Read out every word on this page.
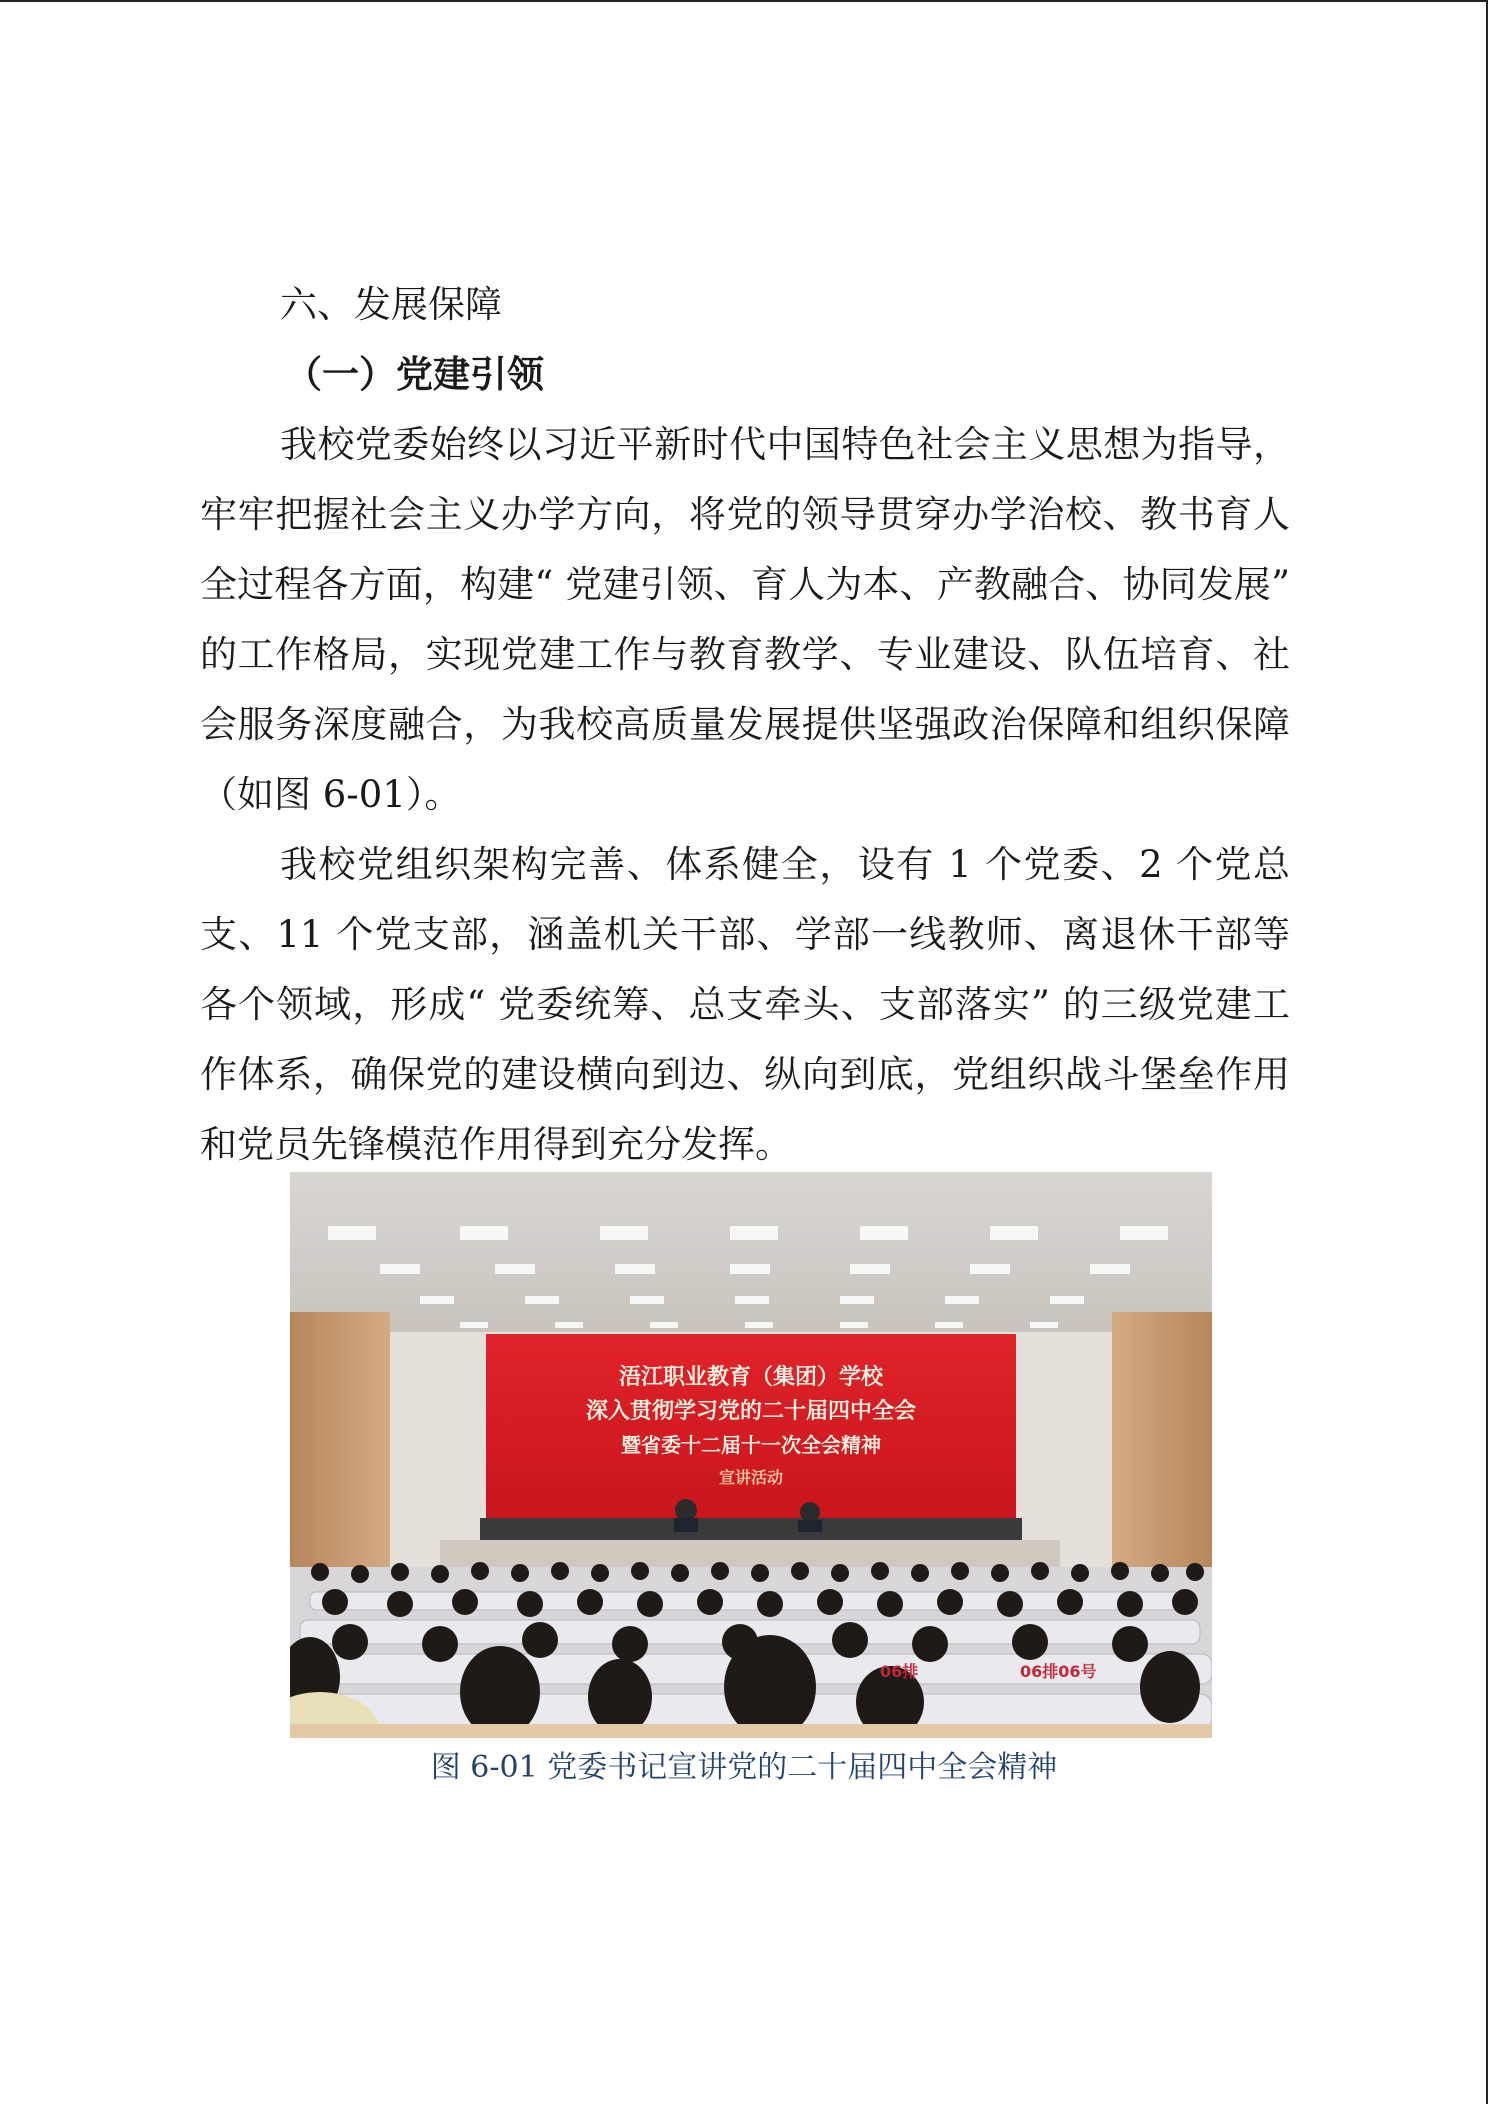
六、发展保障
（一）党建引领

我校党委始终以习近平新时代中国特色社会主义思想为指导，牢牢把握社会主义办学方向，将党的领导贯穿办学治校、教书育人全过程各方面，构建“ 党建引领、育人为本、产教融合、协同发展” 的工作格局，实现党建工作与教育教学、专业建设、队伍培育、社会服务深度融合，为我校高质量发展提供坚强政治保障和组织保障（如图 6-01）。

我校党组织架构完善、体系健全，设有 1 个党委、2 个党总支、11 个党支部，涵盖机关干部、学部一线教师、离退休干部等各个领域，形成“ 党委统筹、总支牵头、支部落实” 的三级党建工作体系，确保党的建设横向到边、纵向到底，党组织战斗堡垒作用和党员先锋模范作用得到充分发挥。

浯江职业教育（集团）学校
深入贯彻学习党的二十届四中全会
暨省委十二届十一次全会精神
宣讲活动
06排06号
06排
图 6-01 党委书记宣讲党的二十届四中全会精神
